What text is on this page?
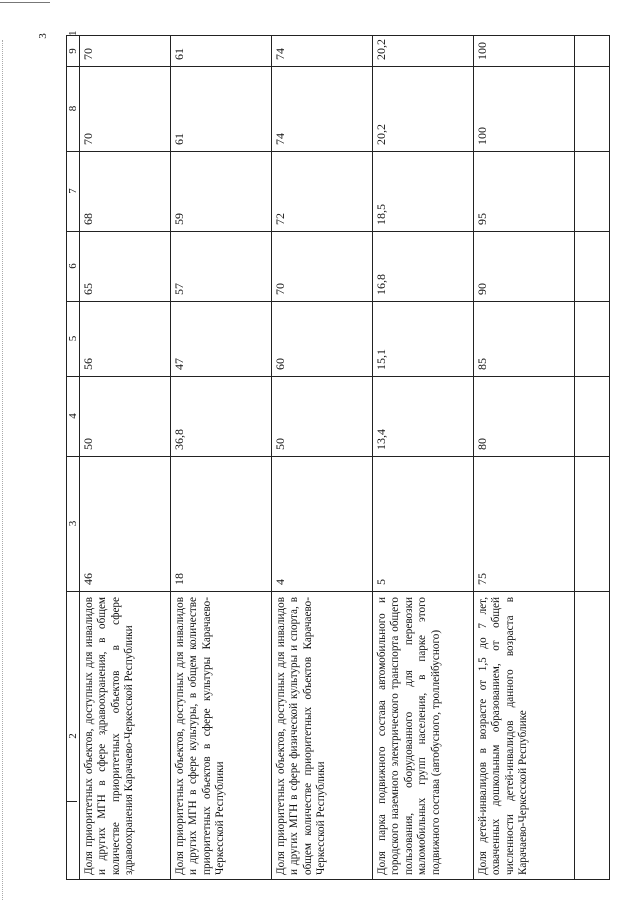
3
9
8
7
6
5
4
3
2
1
Доля приоритетных объектов, доступных для инвалидов и других МГН в сфере здравоохранения, в общем количестве приоритетных объектов в сфере здравоохранения Карачаево-Черкесской Республики
46
50
56
65
68
70
70
Доля приоритетных объектов, доступных для инвалидов и других МГН в сфере культуры, в общем количестве приоритетных объектов в сфере культуры Карачаево-Черкесской Республики
18
36,8
47
57
59
61
61
Доля приоритетных объектов, доступных для инвалидов и других МГН в сфере физической культуры и спорта, в общем количестве приоритетных объектов Карачаево-Черкесской Республики
4
50
60
70
72
74
74
Доля парка подвижного состава автомобильного и городского наземного электрического транспорта общего пользования, оборудованного для перевозки маломобильных групп населения, в парке этого подвижного состава (автобусного, троллейбусного)
5
13,4
15,1
16,8
18,5
20,2
20,2
Доля детей-инвалидов в возрасте от 1,5 до 7 лет, охваченных дошкольным образованием, от общей численности детей-инвалидов данного возраста в Карачаево-Черкесской Республике
75
80
85
90
95
100
100
